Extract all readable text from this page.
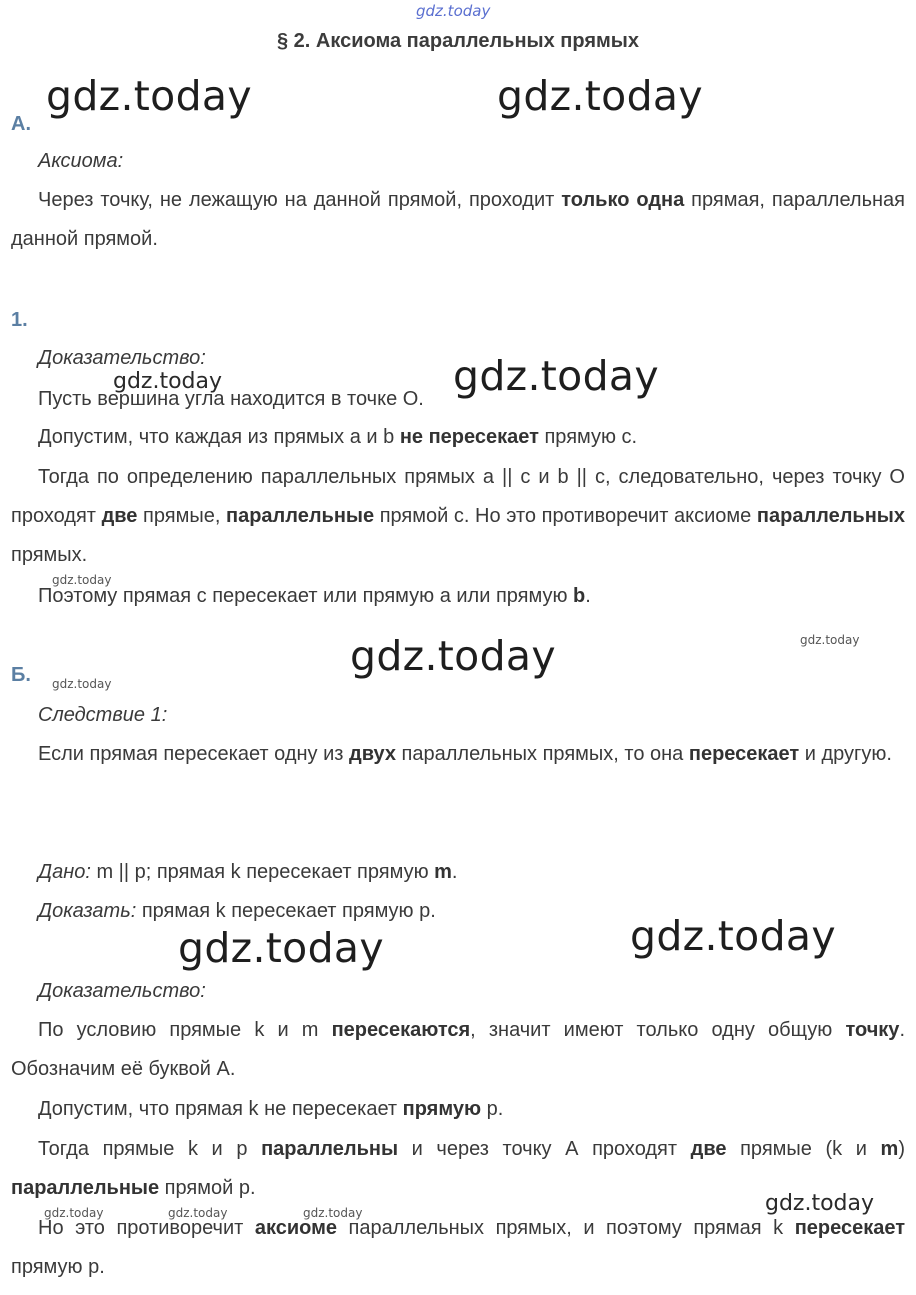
gdz.today
gdz.today	gdz.today
gdz.today
gdz.today
gdz.today
gdz.today
gdz.today
gdz.today
gdz.today	gdz.today
gdz.today
gdz.today	gdz.today	gdz.today
§ 2. Аксиома параллельных прямых
А.
Аксиома:
Через точку, не лежащую на данной прямой, проходит только одна прямая, параллельная данной прямой.
1.
Доказательство:
Пусть вершина угла находится в точке О.
Допустим, что каждая из прямых а и b не пересекает прямую с.
Тогда по определению параллельных прямых а || с и b || с, следовательно, через точку О проходят две прямые, параллельные прямой с. Но это противоречит аксиоме параллельных прямых.
Поэтому прямая с пересекает или прямую а или прямую b.
Б.
Следствие 1:
Если прямая пересекает одну из двух параллельных прямых, то она пересекает и другую.
Дано: m || p; прямая k пересекает прямую m.
Доказать: прямая k пересекает прямую p.
Доказательство:
По условию прямые k и m пересекаются, значит имеют только одну общую точку. Обозначим её буквой А.
Допустим, что прямая k не пересекает прямую p.
Тогда прямые k и p параллельны и через точку А проходят две прямые (k и m) параллельные прямой p.
Но это противоречит аксиоме параллельных прямых, и поэтому прямая k пересекает прямую p.
